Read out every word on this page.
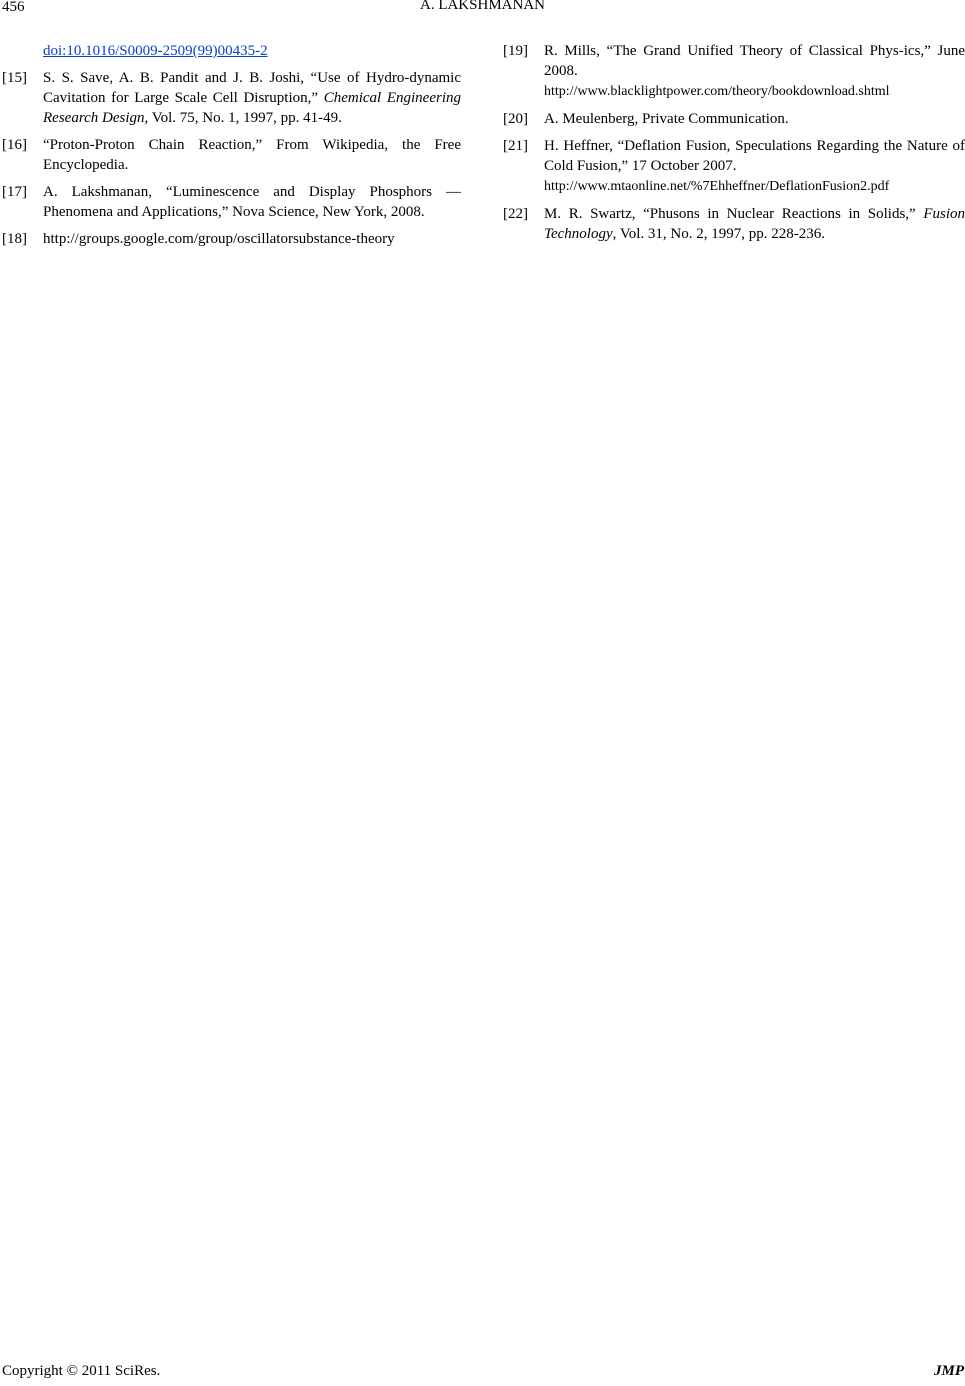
456	A. LAKSHMANAN
doi:10.1016/S0009-2509(99)00435-2
[15] S. S. Save, A. B. Pandit and J. B. Joshi, “Use of Hydro-dynamic Cavitation for Large Scale Cell Disruption,” Chemical Engineering Research Design, Vol. 75, No. 1, 1997, pp. 41-49.
[16] “Proton-Proton Chain Reaction,” From Wikipedia, the Free Encyclopedia.
[17] A. Lakshmanan, “Luminescence and Display Phosphors —Phenomena and Applications,” Nova Science, New York, 2008.
[18] http://groups.google.com/group/oscillatorsubstance-theory
[19] R. Mills, “The Grand Unified Theory of Classical Phys-ics,” June 2008.
http://www.blacklightpower.com/theory/bookdownload.shtml
[20] A. Meulenberg, Private Communication.
[21] H. Heffner, “Deflation Fusion, Speculations Regarding the Nature of Cold Fusion,” 17 October 2007.
http://www.mtaonline.net/%7Ehheffner/DeflationFusion2.pdf
[22] M. R. Swartz, “Phusons in Nuclear Reactions in Solids,” Fusion Technology, Vol. 31, No. 2, 1997, pp. 228-236.
Copyright © 2011 SciRes.	JMP
